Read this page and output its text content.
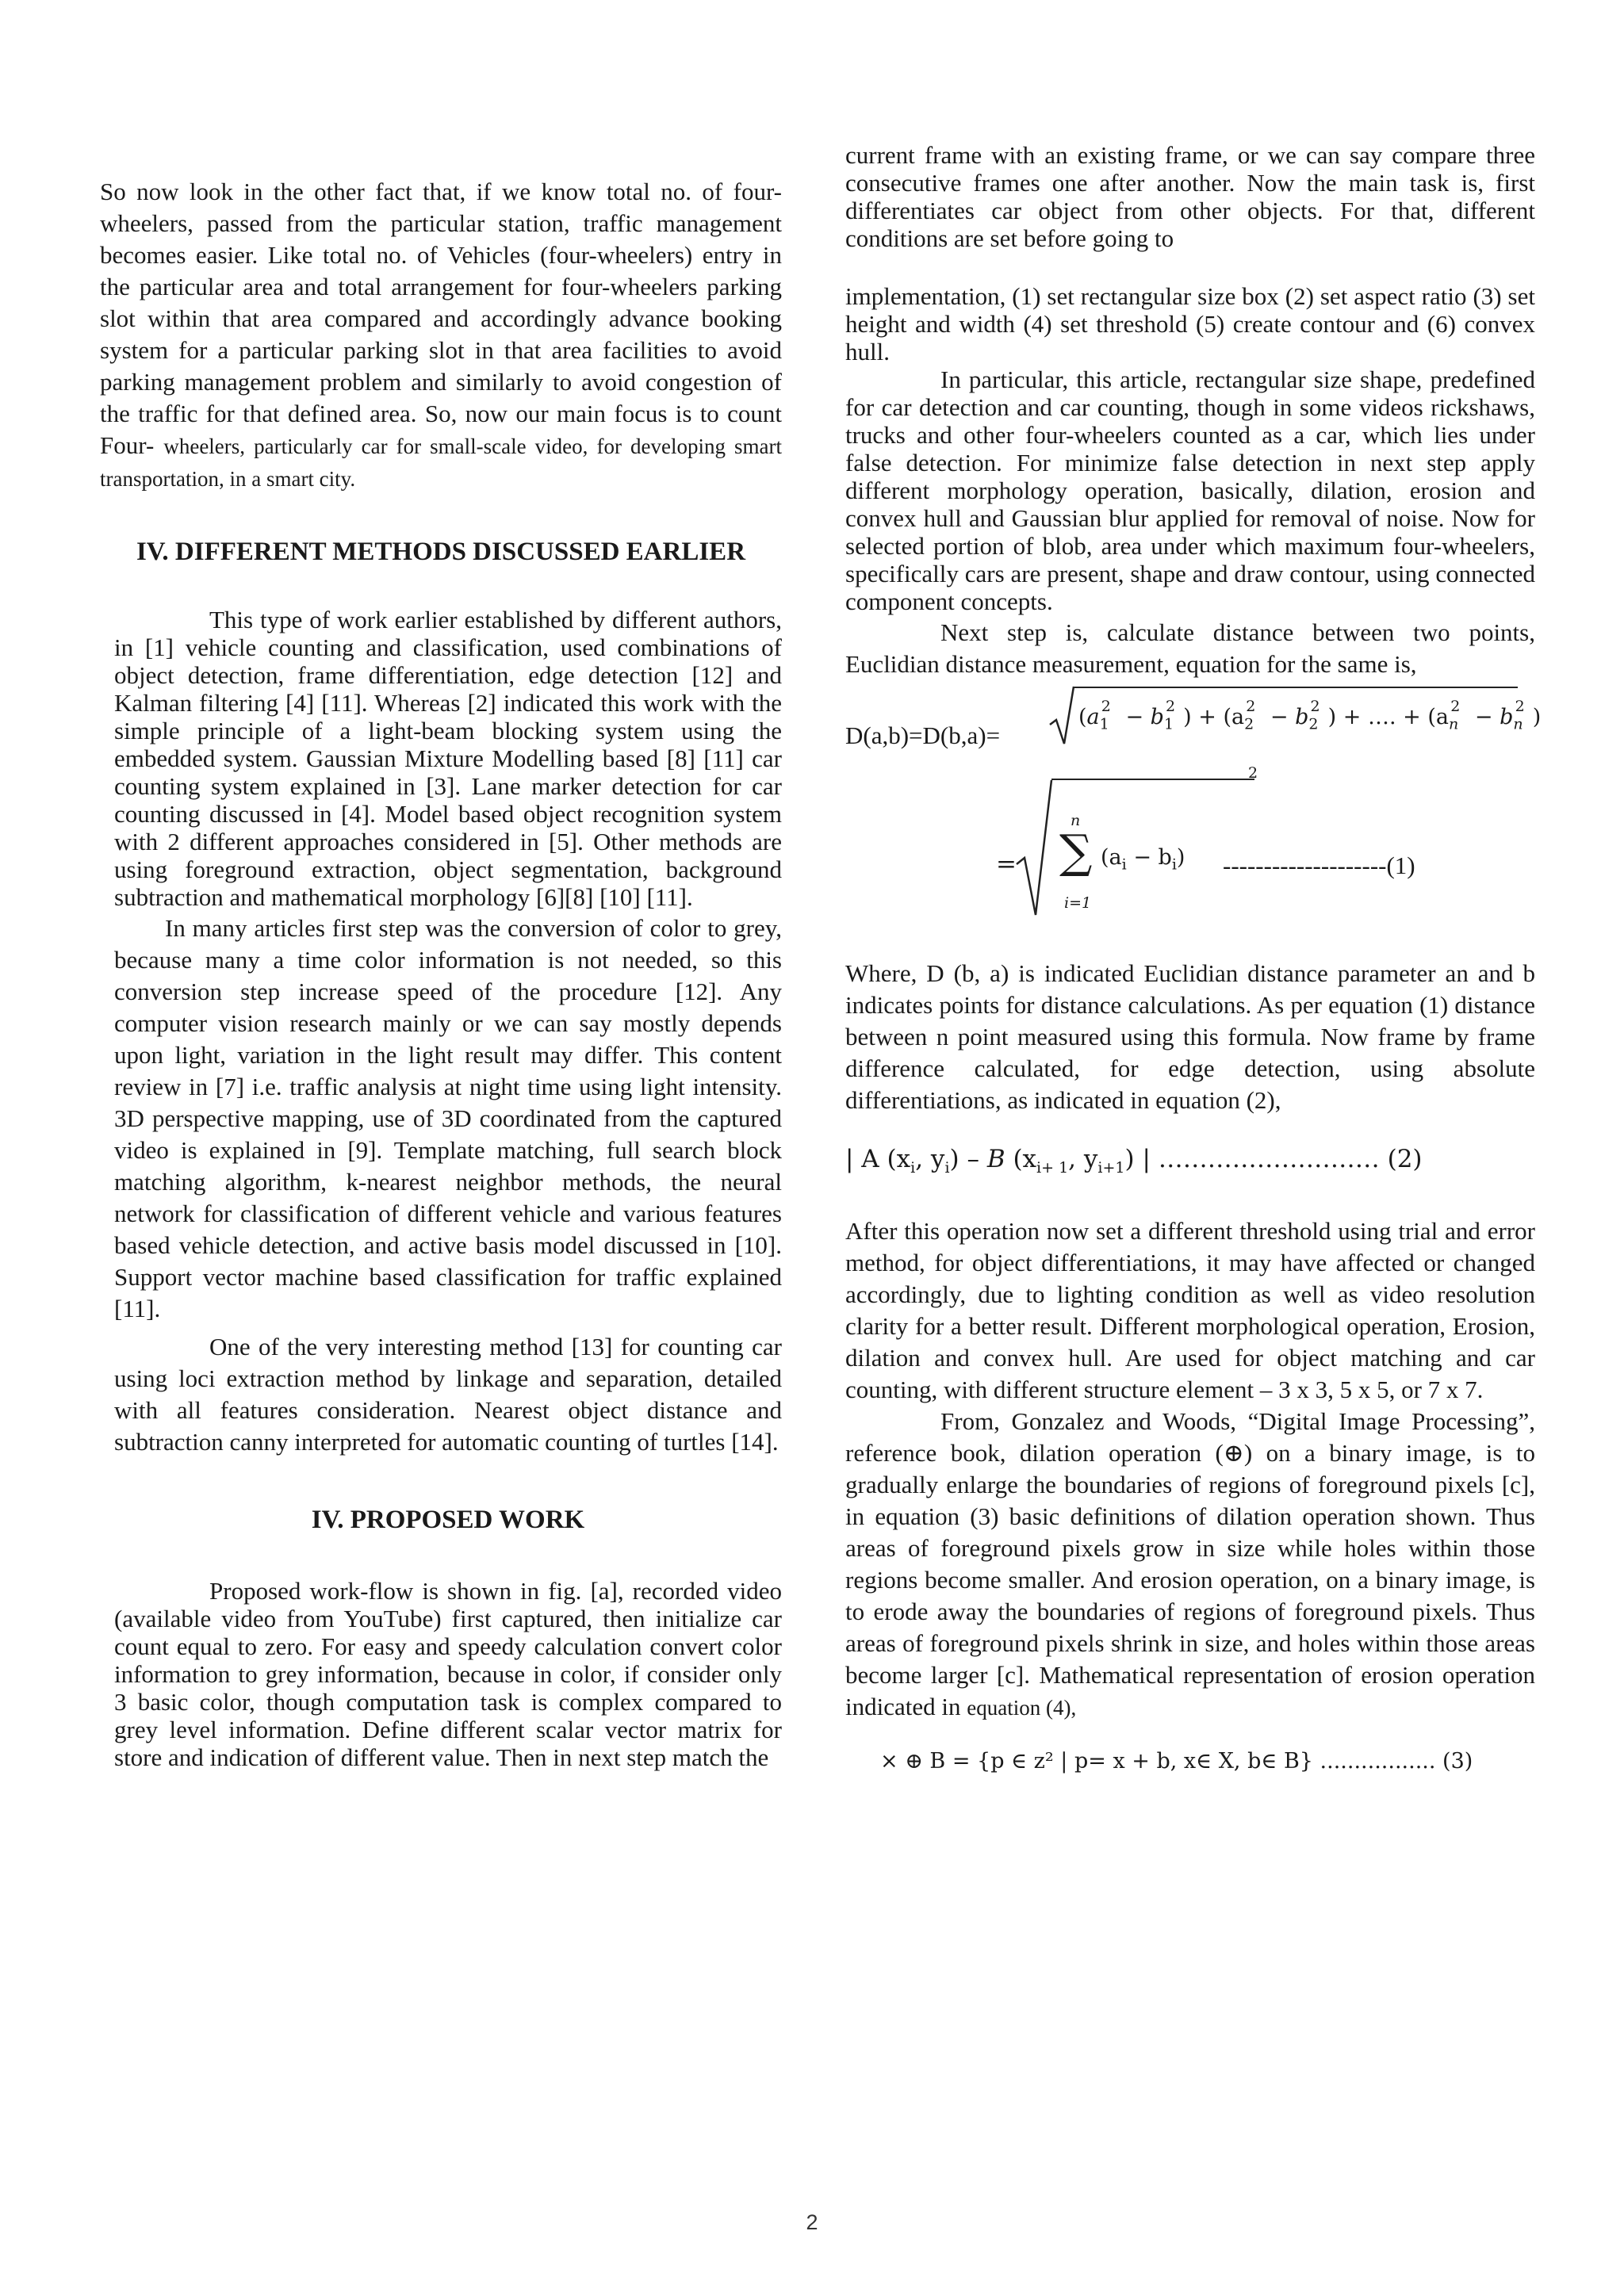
So now look in the other fact that, if we know total no. of four-wheelers, passed from the particular station, traffic management becomes easier. Like total no. of Vehicles (four-wheelers) entry in the particular area and total arrangement for four-wheelers parking slot within that area compared and accordingly advance booking system for a particular parking slot in that area facilities to avoid parking management problem and similarly to avoid congestion of the traffic for that defined area. So, now our main focus is to count Four- wheelers, particularly car for small-scale video, for developing smart transportation, in a smart city.

IV. DIFFERENT METHODS DISCUSSED EARLIER

This type of work earlier established by different authors, in [1] vehicle counting and classification, used combinations of object detection, frame differentiation, edge detection [12] and Kalman filtering [4] [11]. Whereas [2] indicated this work with the simple principle of a light-beam blocking system using the embedded system. Gaussian Mixture Modelling based [8] [11] car counting system explained in [3]. Lane marker detection for car counting discussed in [4]. Model based object recognition system with 2 different approaches considered in [5]. Other methods are using foreground extraction, object segmentation, background subtraction and mathematical morphology [6][8] [10] [11].

In many articles first step was the conversion of color to grey, because many a time color information is not needed, so this conversion step increase speed of the procedure [12]. Any computer vision research mainly or we can say mostly depends upon light, variation in the light result may differ. This content review in [7] i.e. traffic analysis at night time using light intensity. 3D perspective mapping, use of 3D coordinated from the captured video is explained in [9]. Template matching, full search block matching algorithm, k-nearest neighbor methods, the neural network for classification of different vehicle and various features based vehicle detection, and active basis model discussed in [10]. Support vector machine based classification for traffic explained [11].

One of the very interesting method [13] for counting car using loci extraction method by linkage and separation, detailed with all features consideration. Nearest object distance and subtraction canny interpreted for automatic counting of turtles [14].

IV. PROPOSED WORK

Proposed work-flow is shown in fig. [a], recorded video (available video from YouTube) first captured, then initialize car count equal to zero. For easy and speedy calculation convert color information to grey information, because in color, if consider only 3 basic color, though computation task is complex compared to grey level information. Define different scalar vector matrix for store and indication of different value. Then in next step match the

current frame with an existing frame, or we can say compare three consecutive frames one after another. Now the main task is, first differentiates car object from other objects. For that, different conditions are set before going to

implementation, (1) set rectangular size box (2) set aspect ratio (3) set height and width (4) set threshold (5) create contour and (6) convex hull.

In particular, this article, rectangular size shape, predefined for car detection and car counting, though in some videos rickshaws, trucks and other four-wheelers counted as a car, which lies under false detection. For minimize false detection in next step apply different morphology operation, basically, dilation, erosion and convex hull and Gaussian blur applied for removal of noise. Now for selected portion of blob, area under which maximum four-wheelers, specifically cars are present, shape and draw contour, using connected component concepts.

Next step is, calculate distance between two points, Euclidian distance measurement, equation for the same is,

D(a,b)=D(b,a)=
($a_1^2 - b_1^2$ ) + ($a_2^2 - b_2^2$ ) + …. + ($a_n^2 - b_n^2$ )
=
2
n
∑
i=1
$(a_i - b_i)$ --------------------(1)

Where, D (b, a) is indicated Euclidian distance parameter an and b indicates points for distance calculations. As per equation (1) distance between n point measured using this formula. Now frame by frame difference calculated, for edge detection, using absolute differentiations, as indicated in equation (2),

| A ($x_i$, $y_i$) – B ($x_{i+ 1}$, $y_{i+1}$) | ……………………… (2)

After this operation now set a different threshold using trial and error method, for object differentiations, it may have affected or changed accordingly, due to lighting condition as well as video resolution clarity for a better result. Different morphological operation, Erosion, dilation and convex hull. Are used for object matching and car counting, with different structure element – 3 x 3, 5 x 5, or 7 x 7.

From, Gonzalez and Woods, “Digital Image Processing”, reference book, dilation operation (⊕) on a binary image, is to gradually enlarge the boundaries of regions of foreground pixels [c], in equation (3) basic definitions of dilation operation shown. Thus areas of foreground pixels grow in size while holes within those regions become smaller. And erosion operation, on a binary image, is to erode away the boundaries of regions of foreground pixels. Thus areas of foreground pixels shrink in size, and holes within those areas become larger [c]. Mathematical representation of erosion operation indicated in equation (4),

⨯ ⊕ B = {p ∈ z² | p= x + b, x∈ X, b∈ B} ................. (3)
2
